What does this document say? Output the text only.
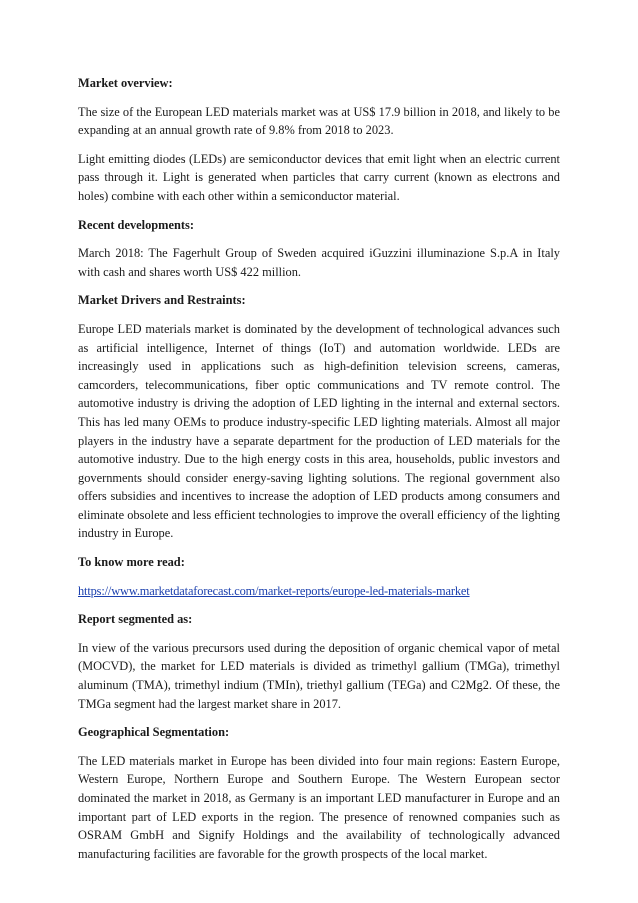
Market overview:
The size of the European LED materials market was at US$ 17.9 billion in 2018, and likely to be expanding at an annual growth rate of 9.8% from 2018 to 2023.
Light emitting diodes (LEDs) are semiconductor devices that emit light when an electric current pass through it. Light is generated when particles that carry current (known as electrons and holes) combine with each other within a semiconductor material.
Recent developments:
March 2018: The Fagerhult Group of Sweden acquired iGuzzini illuminazione S.p.A in Italy with cash and shares worth US$ 422 million.
Market Drivers and Restraints:
Europe LED materials market is dominated by the development of technological advances such as artificial intelligence, Internet of things (IoT) and automation worldwide. LEDs are increasingly used in applications such as high-definition television screens, cameras, camcorders, telecommunications, fiber optic communications and TV remote control. The automotive industry is driving the adoption of LED lighting in the internal and external sectors. This has led many OEMs to produce industry-specific LED lighting materials. Almost all major players in the industry have a separate department for the production of LED materials for the automotive industry. Due to the high energy costs in this area, households, public investors and governments should consider energy-saving lighting solutions. The regional government also offers subsidies and incentives to increase the adoption of LED products among consumers and eliminate obsolete and less efficient technologies to improve the overall efficiency of the lighting industry in Europe.
To know more read:
https://www.marketdataforecast.com/market-reports/europe-led-materials-market
Report segmented as:
In view of the various precursors used during the deposition of organic chemical vapor of metal (MOCVD), the market for LED materials is divided as trimethyl gallium (TMGa), trimethyl aluminum (TMA), trimethyl indium (TMIn), triethyl gallium (TEGa) and C2Mg2. Of these, the TMGa segment had the largest market share in 2017.
Geographical Segmentation:
The LED materials market in Europe has been divided into four main regions: Eastern Europe, Western Europe, Northern Europe and Southern Europe. The Western European sector dominated the market in 2018, as Germany is an important LED manufacturer in Europe and an important part of LED exports in the region. The presence of renowned companies such as OSRAM GmbH and Signify Holdings and the availability of technologically advanced manufacturing facilities are favorable for the growth prospects of the local market.
